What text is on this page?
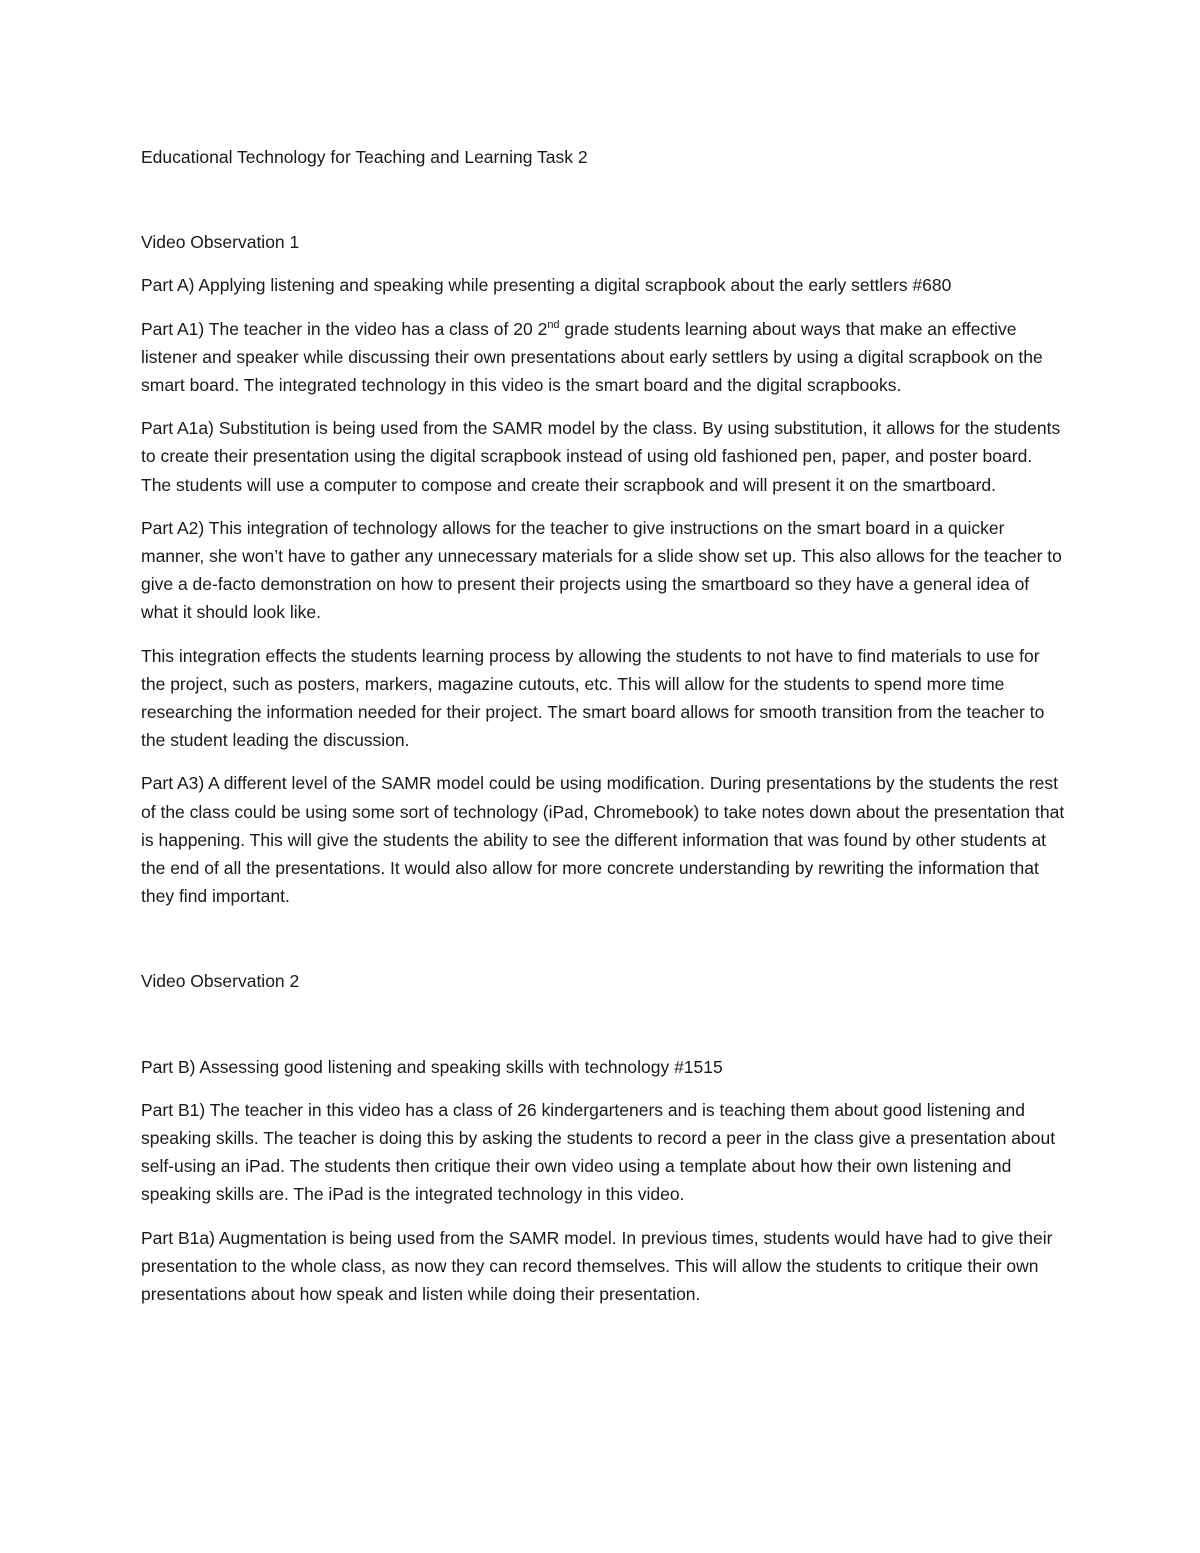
Educational Technology for Teaching and Learning Task 2

Video Observation 1

Part A) Applying listening and speaking while presenting a digital scrapbook about the early settlers #680

Part A1) The teacher in the video has a class of 20 2nd grade students learning about ways that make an effective listener and speaker while discussing their own presentations about early settlers by using a digital scrapbook on the smart board. The integrated technology in this video is the smart board and the digital scrapbooks.

Part A1a) Substitution is being used from the SAMR model by the class. By using substitution, it allows for the students to create their presentation using the digital scrapbook instead of using old fashioned pen, paper, and poster board. The students will use a computer to compose and create their scrapbook and will present it on the smartboard.

Part A2) This integration of technology allows for the teacher to give instructions on the smart board in a quicker manner, she won’t have to gather any unnecessary materials for a slide show set up. This also allows for the teacher to give a de-facto demonstration on how to present their projects using the smartboard so they have a general idea of what it should look like.

This integration effects the students learning process by allowing the students to not have to find materials to use for the project, such as posters, markers, magazine cutouts, etc. This will allow for the students to spend more time researching the information needed for their project. The smart board allows for smooth transition from the teacher to the student leading the discussion.

Part A3) A different level of the SAMR model could be using modification. During presentations by the students the rest of the class could be using some sort of technology (iPad, Chromebook) to take notes down about the presentation that is happening. This will give the students the ability to see the different information that was found by other students at the end of all the presentations. It would also allow for more concrete understanding by rewriting the information that they find important.

Video Observation 2

Part B) Assessing good listening and speaking skills with technology #1515

Part B1) The teacher in this video has a class of 26 kindergarteners and is teaching them about good listening and speaking skills. The teacher is doing this by asking the students to record a peer in the class give a presentation about self-using an iPad. The students then critique their own video using a template about how their own listening and speaking skills are. The iPad is the integrated technology in this video.

Part B1a) Augmentation is being used from the SAMR model. In previous times, students would have had to give their presentation to the whole class, as now they can record themselves. This will allow the students to critique their own presentations about how speak and listen while doing their presentation.
